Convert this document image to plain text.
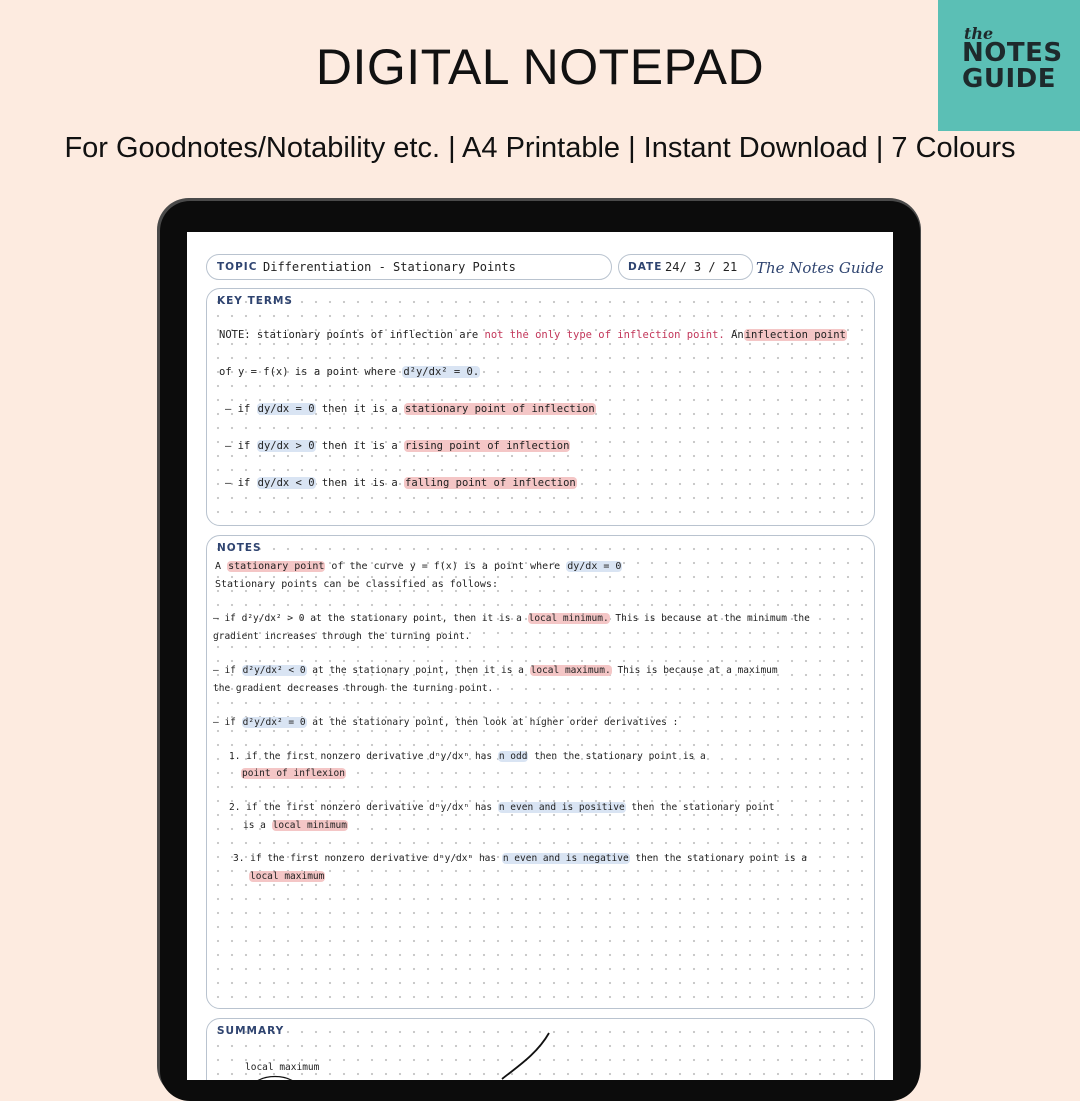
DIGITAL NOTEPAD
For Goodnotes/Notability etc. | A4 Printable | Instant Download | 7 Colours
the
NOTES
GUIDE
TOPIC Differentiation - Stationary Points	DATE 24/ 3 / 21 The Notes Guide
KEY TERMS
NOTE: stationary points of inflection are not the only type of inflection point. Aninflection point
of y = f(x) is a point where d²y/dx² = 0.
— if dy/dx = 0 then it is a stationary point of inflection
— if dy/dx > 0 then it is a rising point of inflection
— if dy/dx < 0 then it is a falling point of inflection
NOTES
A stationary point of the curve y = f(x) is a point where dy/dx = 0
Stationary points can be classified as follows:
— if d²y/dx² > 0 at the stationary point, then it is a local minimum. This is because at the minimum the
gradient increases through the turning point.
— if d²y/dx² < 0 at the stationary point, then it is a local maximum. This is because at a maximum
the gradient decreases through the turning point.
— if d²y/dx² = 0 at the stationary point, then look at higher order derivatives :
1. if the first nonzero derivative dⁿy/dxⁿ has n odd then the stationary point is a
point of inflexion
2. if the first nonzero derivative dⁿy/dxⁿ has n even and is positive then the stationary point
is a local minimum
3. if the first nonzero derivative dⁿy/dxⁿ has n even and is negative then the stationary point is a
local maximum
SUMMARY
local maximum
